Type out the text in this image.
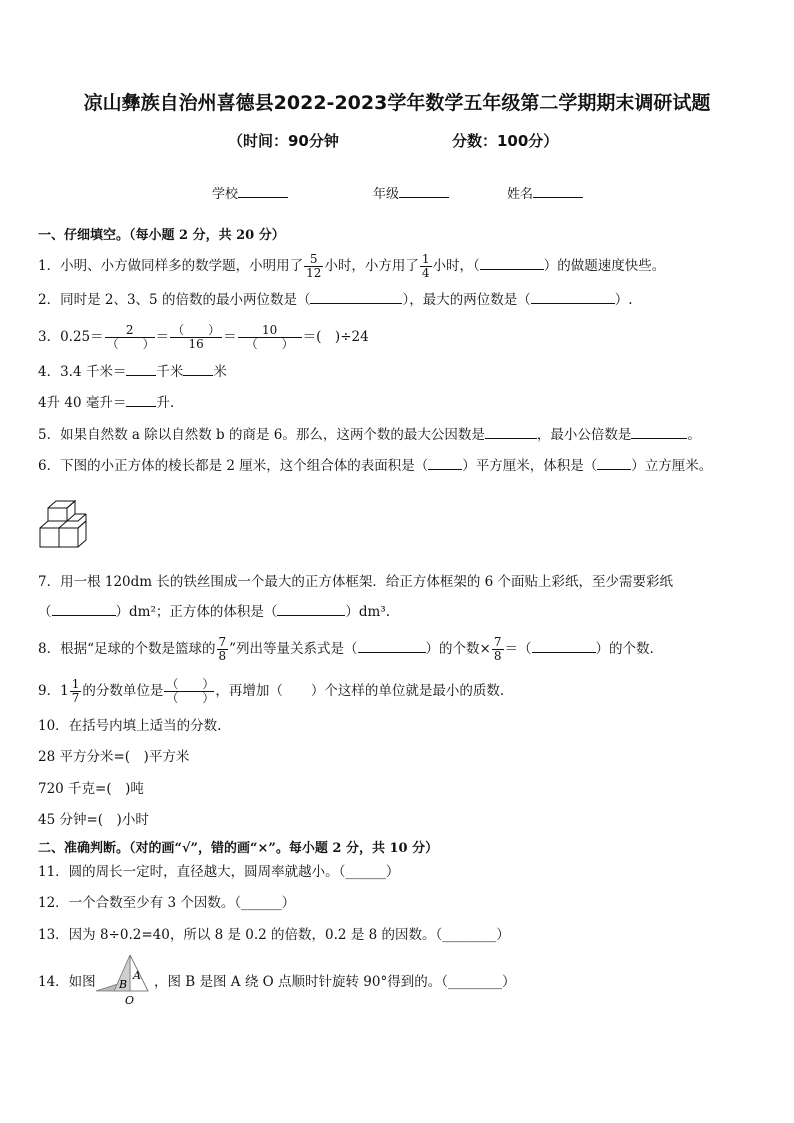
凉山彝族自治州喜德县2022-2023学年数学五年级第二学期期末调研试题
（时间：90分钟	分数：100分）
学校	年级	姓名
一、仔细填空。（每小题 2 分，共 20 分）
1．小明、小方做同样多的数学题，小明用了 $\frac{5}{12}$ 小时，小方用了 $\frac{1}{4}$ 小时，（	）的做题速度快些。
2．同时是 2、3、5 的倍数的最小两位数是（	），最大的两位数是（	）.
3．$0.25= \frac{2}{( )} = \frac{( )}{16} = \frac{10}{( )}$ ＝(　)÷24
4．3.4 千米＝ 千米 米
4升 40 毫升＝ 升.
5．如果自然数 a 除以自然数 b 的商是 6。那么，这两个数的最大公因数是	，最小公倍数是	。
6．下图的小正方体的棱长都是 2 厘米，这个组合体的表面积是（	）平方厘米，体积是（	）立方厘米。
7．用一根 120dm 长的铁丝围成一个最大的正方体框架．给正方体框架的 6 个面贴上彩纸，至少需要彩纸
（	）dm²；正方体的体积是（	）dm³.
8．根据“足球的个数是篮球的 $\frac{7}{8}$ ”列出等量关系式是（	）的个数× $\frac{7}{8}$ ＝（	）的个数.
9．$1 \frac{1}{7}$ 的分数单位是 $\frac{( )}{( )}$ ，再增加（ ）个这样的单位就是最小的质数.
10．在括号内填上适当的分数.
28 平方分米=(　)平方米
720 千克=(　)吨
45 分钟=(　)小时
二、准确判断。（对的画“√”，错的画“×”。每小题 2 分，共 10 分）
11．圆的周长一定时，直径越大，圆周率就越小。（______）
12．一个合数至少有 3 个因数。（______）
13．因为 8÷0.2=40，所以 8 是 0.2 的倍数，0.2 是 8 的因数。（________）
14．如图	A
B
O
，图 B 是图 A 绕 O 点顺时针旋转 90°得到的。（________）
